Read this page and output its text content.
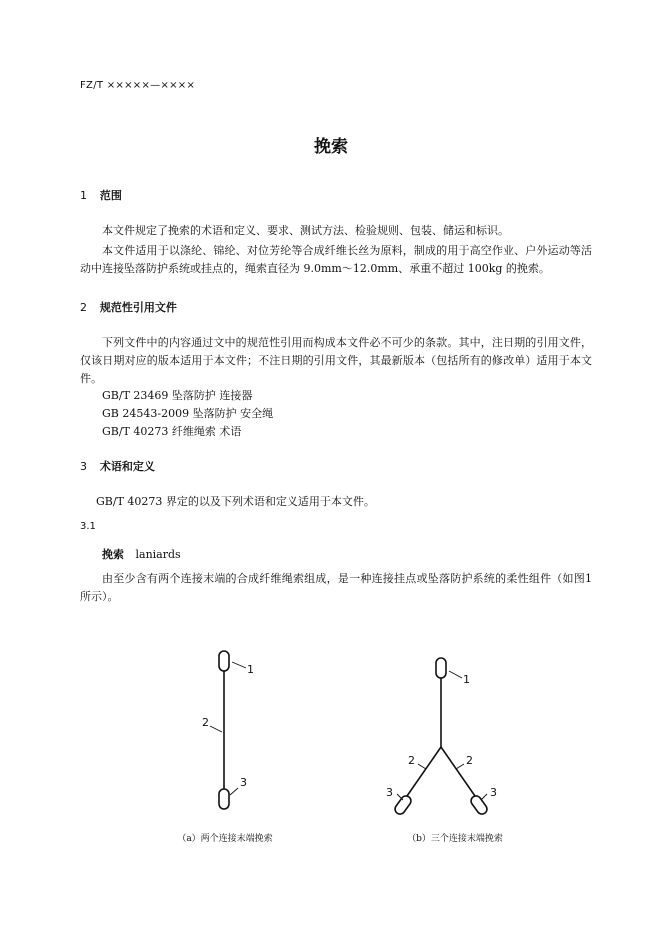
FZ/T ×××××—××××
挽索
1 范围
本文件规定了挽索的术语和定义、要求、测试方法、检验规则、包装、储运和标识。
本文件适用于以涤纶、锦纶、对位芳纶等合成纤维长丝为原料，制成的用于高空作业、户外运动等活动中连接坠落防护系统或挂点的，绳索直径为 9.0mm～12.0mm、承重不超过 100kg 的挽索。
2 规范性引用文件
下列文件中的内容通过文中的规范性引用而构成本文件必不可少的条款。其中，注日期的引用文件，仅该日期对应的版本适用于本文件；不注日期的引用文件，其最新版本（包括所有的修改单）适用于本文件。
GB/T 23469 坠落防护 连接器
GB 24543-2009 坠落防护 安全绳
GB/T 40273 纤维绳索 术语
3 术语和定义
GB/T 40273 界定的以及下列术语和定义适用于本文件。
3.1
挽索 laniards
由至少含有两个连接末端的合成纤维绳索组成，是一种连接挂点或坠落防护系统的柔性组件（如图1所示）。
1
2
3
1
2	2
3	3
（a）两个连接末端挽索	（b）三个连接末端挽索
